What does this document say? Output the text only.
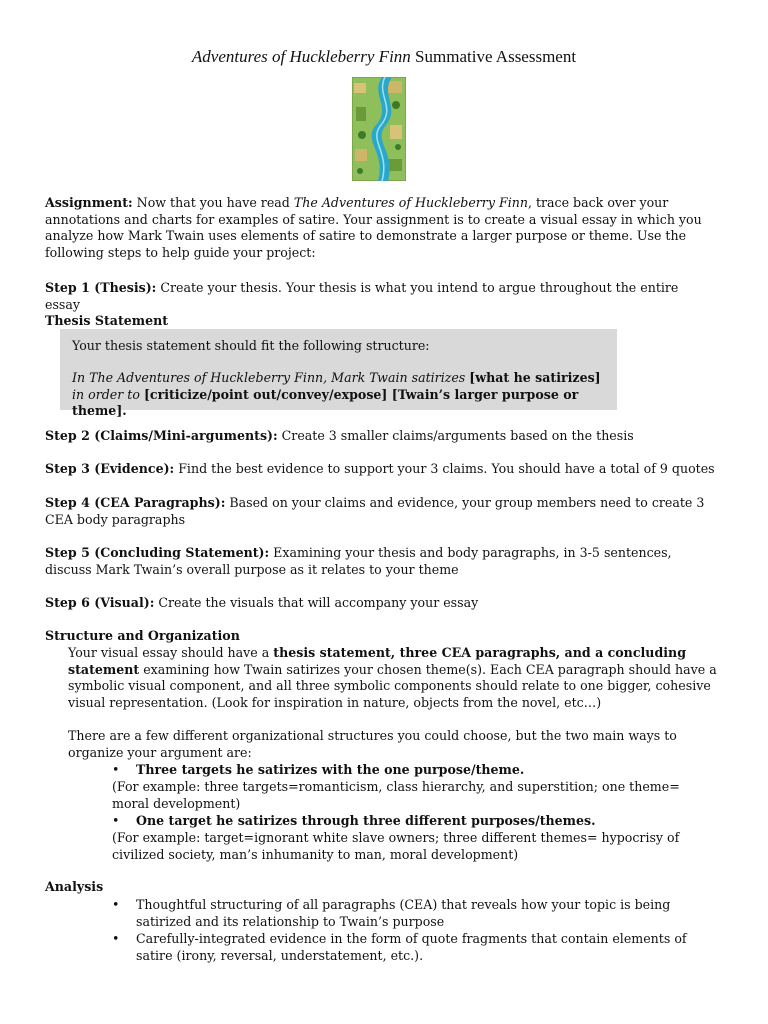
Adventures of Huckleberry Finn Summative Assessment
Assignment: Now that you have read The Adventures of Huckleberry Finn, trace back over your annotations and charts for examples of satire. Your assignment is to create a visual essay in which you analyze how Mark Twain uses elements of satire to demonstrate a larger purpose or theme. Use the following steps to help guide your project:
Step 1 (Thesis): Create your thesis. Your thesis is what you intend to argue throughout the entire essay
Thesis Statement
Your thesis statement should fit the following structure:
In The Adventures of Huckleberry Finn, Mark Twain satirizes [what he satirizes] in order to [criticize/point out/convey/expose] [Twain’s larger purpose or theme].
Step 2 (Claims/Mini-arguments): Create 3 smaller claims/arguments based on the thesis
Step 3 (Evidence): Find the best evidence to support your 3 claims. You should have a total of 9 quotes
Step 4 (CEA Paragraphs): Based on your claims and evidence, your group members need to create 3 CEA body paragraphs
Step 5 (Concluding Statement): Examining your thesis and body paragraphs, in 3-5 sentences, discuss Mark Twain’s overall purpose as it relates to your theme
Step 6 (Visual): Create the visuals that will accompany your essay
Structure and Organization
Your visual essay should have a thesis statement, three CEA paragraphs, and a concluding statement examining how Twain satirizes your chosen theme(s). Each CEA paragraph should have a symbolic visual component, and all three symbolic components should relate to one bigger, cohesive visual representation. (Look for inspiration in nature, objects from the novel, etc…)
There are a few different organizational structures you could choose, but the two main ways to organize your argument are:
• Three targets he satirizes with the one purpose/theme.
(For example: three targets=romanticism, class hierarchy, and superstition; one theme= moral development)
• One target he satirizes through three different purposes/themes.
(For example: target=ignorant white slave owners; three different themes= hypocrisy of civilized society, man’s inhumanity to man, moral development)
Analysis
• Thoughtful structuring of all paragraphs (CEA) that reveals how your topic is being satirized and its relationship to Twain’s purpose
• Carefully-integrated evidence in the form of quote fragments that contain elements of satire (irony, reversal, understatement, etc.).
